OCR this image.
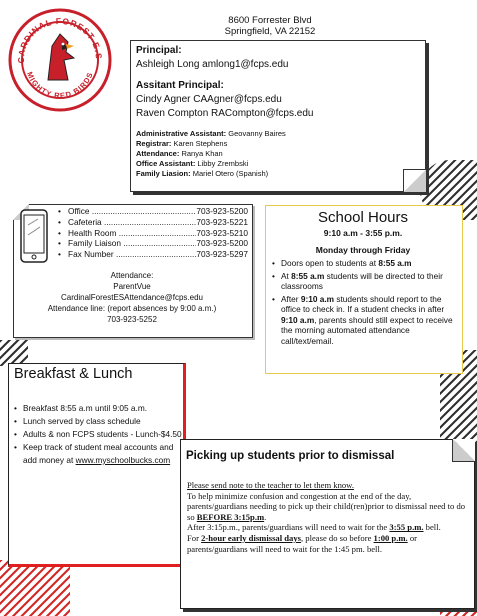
CARDINAL FOREST E.S
MIGHTY RED BIRDS
8600 Forrester Blvd
Springfield, VA 22152
Principal:
Ashleigh Long amlong1@fcps.edu
Assitant Principal:
Cindy Agner CAAgner@fcps.edu
Raven Compton RACompton@fcps.edu
Administrative Assistant: Geovanny Baires
Registrar: Karen Stephens
Attendance: Ranya Khan
Office Assistant: Libby Zrembski
Family Liasion: Mariel Otero (Spanish)
• Office .....	703-923-5200
• Cafeteria .....	703-923-5221
• Health Room .....	703-923-5210
• Family Liaison .....	703-923-5200
• Fax Number .....	703-923-5297
Attendance:
ParentVue
CardinalForestESAttendance@fcps.edu
Attendance line: (report absences by 9:00 a.m.)
703-923-5252
School Hours
9:10 a.m - 3:55 p.m.
Monday through Friday
• Doors open to students at 8:55 a.m
• At 8:55 a.m students will be directed to their classrooms
• After 9:10 a.m students should report to the office to check in. If a student checks in after 9:10 a.m, parents should still expect to receive the morning automated attendance call/text/email.
Breakfast & Lunch
• Breakfast 8:55 a.m until 9:05 a.m.
• Lunch served by class schedule
• Adults & non FCPS students - Lunch-$4.50
• Keep track of student meal accounts and add money at www.myschoolbucks.com	Picking up students prior to dismissal
Please send note to the teacher to let them know.
To help minimize confusion and congestion at the end of the day, parents/guardians needing to pick up their child(ren)prior to dismissal need to do so BEFORE 3:15p.m.
After 3:15p.m., parents/guardians will need to wait for the 3:55 p.m. bell.
For 2-hour early dismissal days, please do so before 1:00 p.m. or parents/guardians will need to wait for the 1:45 pm. bell.
